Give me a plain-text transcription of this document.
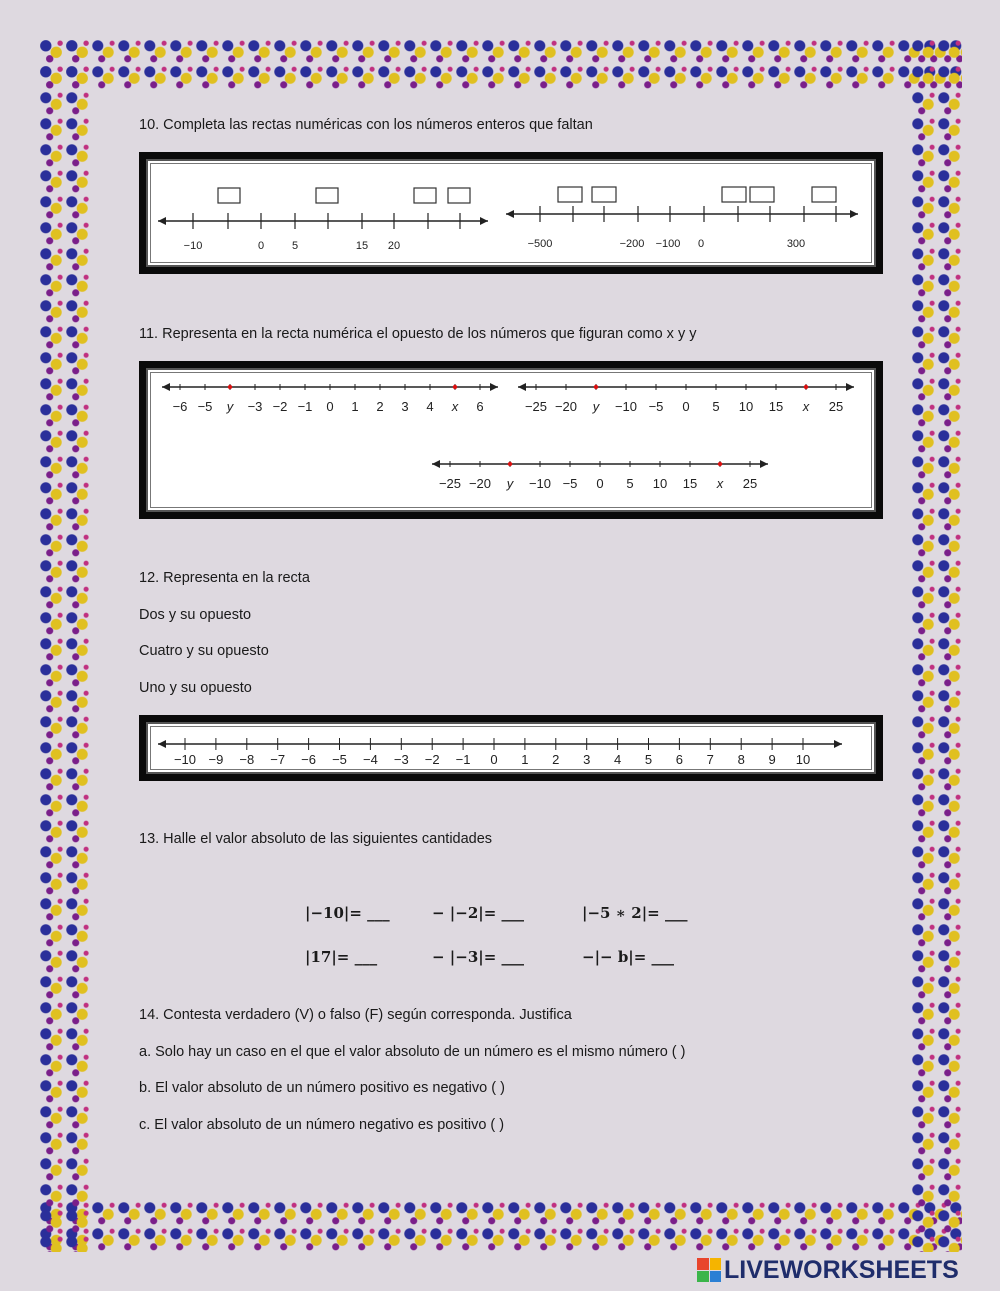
10. Completa las rectas numéricas con los números enteros que faltan
−10	0	5	15 20	−500	−200 −100 0	300
11. Representa en la recta numérica el opuesto de los números que figuran como x y y
−6 −5 y −3 −2 −1 0 1 2 3 4 x 6	−25 −20 y −10 −5 0 5 10 15 x 25
−25 −20 y −10 −5 0 5 10 15 x 25
12. Representa en la recta
Dos y su opuesto
Cuatro y su opuesto
Uno y su opuesto
−10 −9 −8 −7 −6 −5 −4 −3 −2 −1 0 1 2 3 4 5 6 7 8 9 10
13. Halle el valor absoluto de las siguientes cantidades
|−10|= ___	− |−2|= ___	|−5 ∗ 2|= ___
|17|= ___	− |−3|= ___	−|− b|= ___
14. Contesta verdadero (V) o falso (F) según corresponda. Justifica
a. Solo hay un caso en el que el valor absoluto de un número es el mismo número ( )
b. El valor absoluto de un número positivo es negativo ( )
c. El valor absoluto de un número negativo es positivo ( )
LIVEWORKSHEETS
